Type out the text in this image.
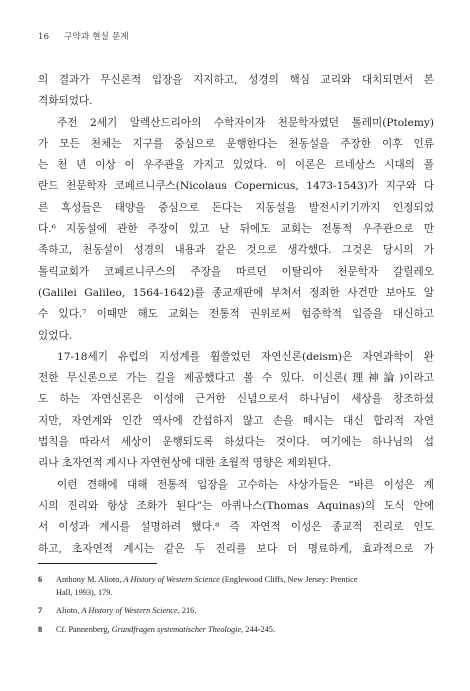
16 구약과 현실 문제
의 결과가 무신론적 입장을 지지하고, 성경의 핵심 교리와 대치되면서 본
격화되었다.
주전 2세기 알렉산드리아의 수학자이자 천문학자였던 톨레미(Ptolemy)
가 모든 천체는 지구를 중심으로 운행한다는 천동설을 주장한 이후 인류
는 천 년 이상 이 우주관을 가지고 있었다. 이 이론은 르네상스 시대의 폴
란드 천문학자 코페르니쿠스(Nicolaus Copernicus, 1473-1543)가 지구와 다
른 혹성들은 태양을 중심으로 돈다는 지동설을 발전시키기까지 인정되었
다.⁶ 지동설에 관한 주장이 있고 난 뒤에도 교회는 전통적 우주관으로 만
족하고, 천동설이 성경의 내용과 같은 것으로 생각했다. 그것은 당시의 가
톨릭교회가 코페르니쿠스의 주장을 따르던 이탈리아 천문학자 갈릴레오
(Galilei Galileo, 1564-1642)를 종교재판에 부쳐서 정죄한 사건만 보아도 알
수 있다.⁷ 이때만 해도 교회는 전통적 권위로써 험증학적 입증을 대신하고
있었다.
17-18세기 유럽의 지성계를 휩쓸었던 자연신론(deism)은 자연과학이 완
전한 무신론으로 가는 길을 제공했다고 볼 수 있다. 이신론(理神論)이라고
도 하는 자연신론은 이성에 근거한 신념으로서 하나님이 세상을 창조하셨
지만, 자연계와 인간 역사에 간섭하지 않고 손을 떼시는 대신 합리적 자연
법칙을 따라서 세상이 운행되도록 하셨다는 것이다. 여기에는 하나님의 섭
리나 초자연적 계시나 자연현상에 대한 초월적 영향은 제외된다.
이런 견해에 대해 전통적 입장을 고수하는 사상가들은 “바른 이성은 계
시의 진리와 항상 조화가 된다”는 아퀴나스(Thomas Aquinas)의 도식 안에
서 이성과 계시를 설명하려 했다.⁸ 즉 자연적 이성은 종교적 진리로 인도
하고, 초자연적 계시는 같은 두 진리를 보다 더 명료하게, 효과적으로 가
6	Anthony M. Alioto, A History of Western Science (Englewood Cliffs, New Jersey: Prentice
Hall, 1993), 179.
7	Alioto, A History of Western Science, 216.
8	Cf. Pannenberg, Grundfragen systematischer Theologie, 244-245.
